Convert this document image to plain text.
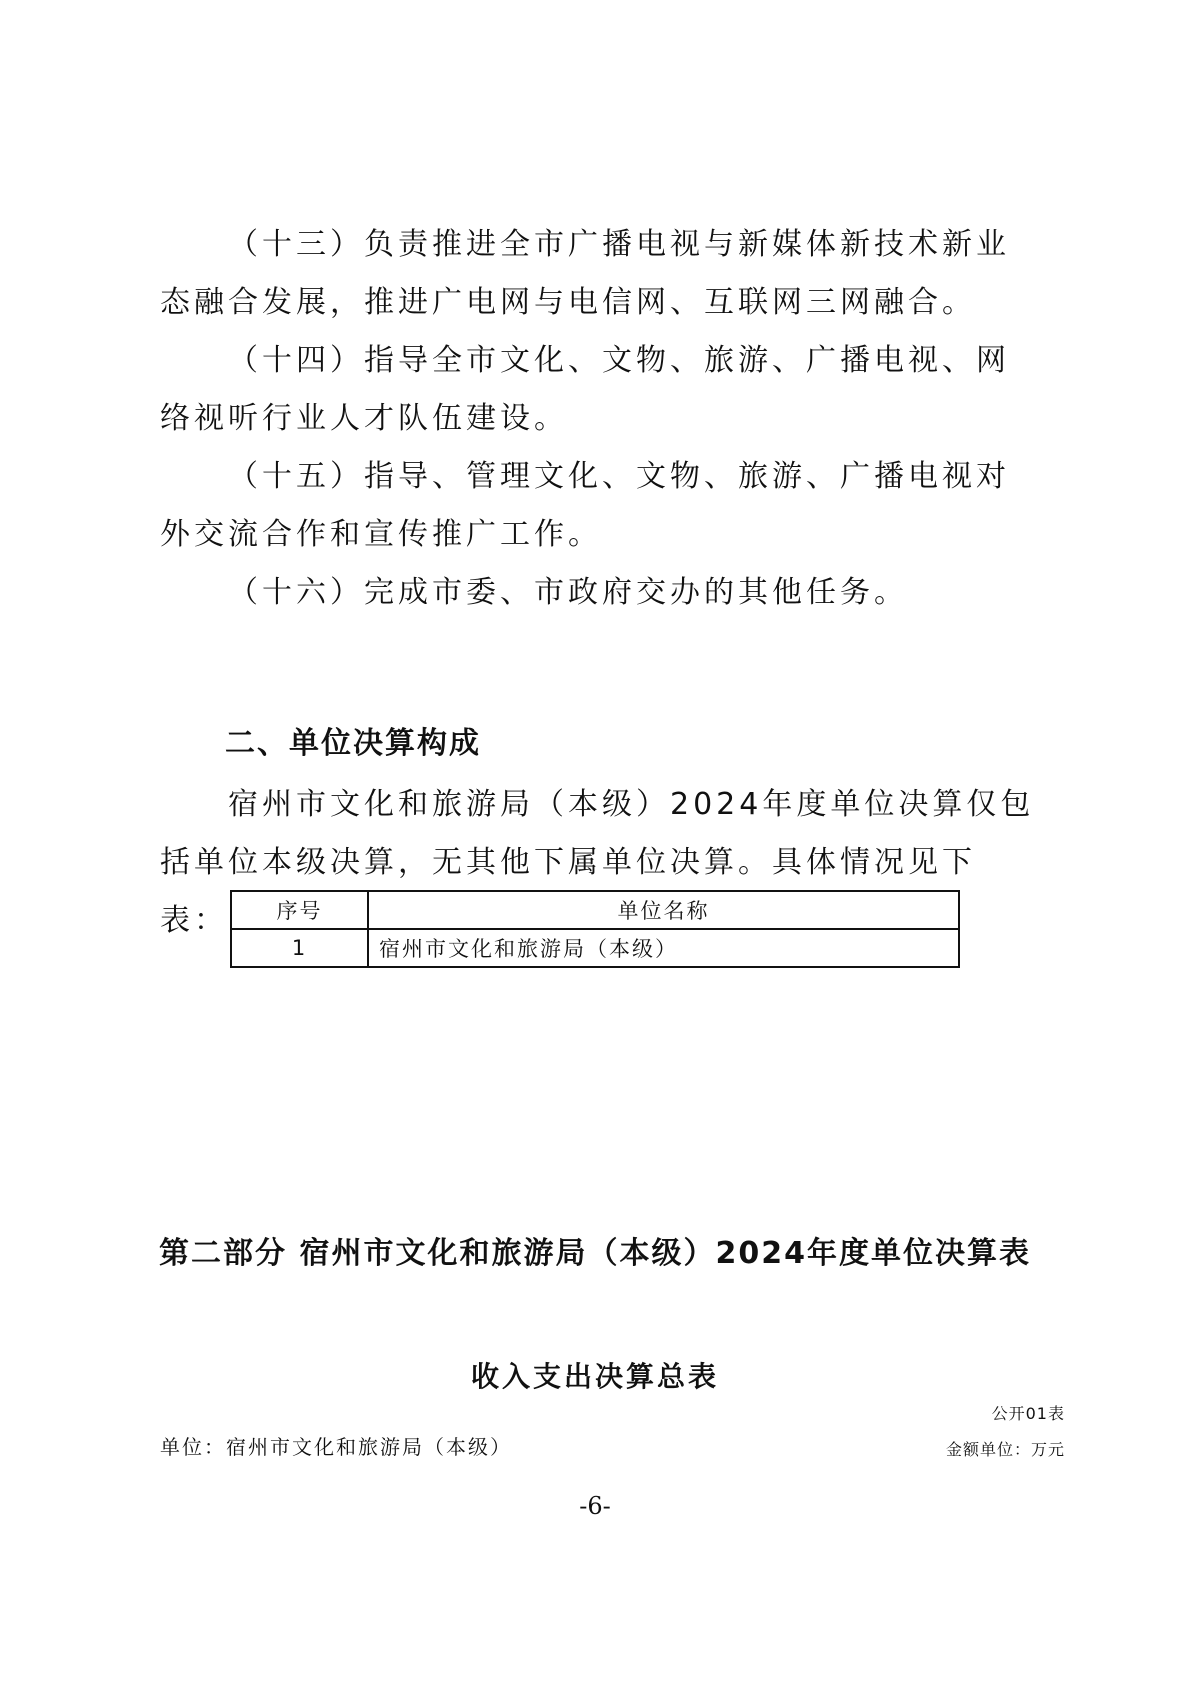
（十三）负责推进全市广播电视与新媒体新技术新业态融合发展，推进广电网与电信网、互联网三网融合。

（十四）指导全市文化、文物、旅游、广播电视、网络视听行业人才队伍建设。

（十五）指导、管理文化、文物、旅游、广播电视对外交流合作和宣传推广工作。

（十六）完成市委、市政府交办的其他任务。

二、单位决算构成

宿州市文化和旅游局（本级）2024年度单位决算仅包括单位本级决算，无其他下属单位决算。具体情况见下表：	序号	单位名称
1	宿州市文化和旅游局（本级）
第二部分 宿州市文化和旅游局（本级）2024年度单位决算表
收入支出决算总表
公开01表
单位：宿州市文化和旅游局（本级）	金额单位：万元
-6-
